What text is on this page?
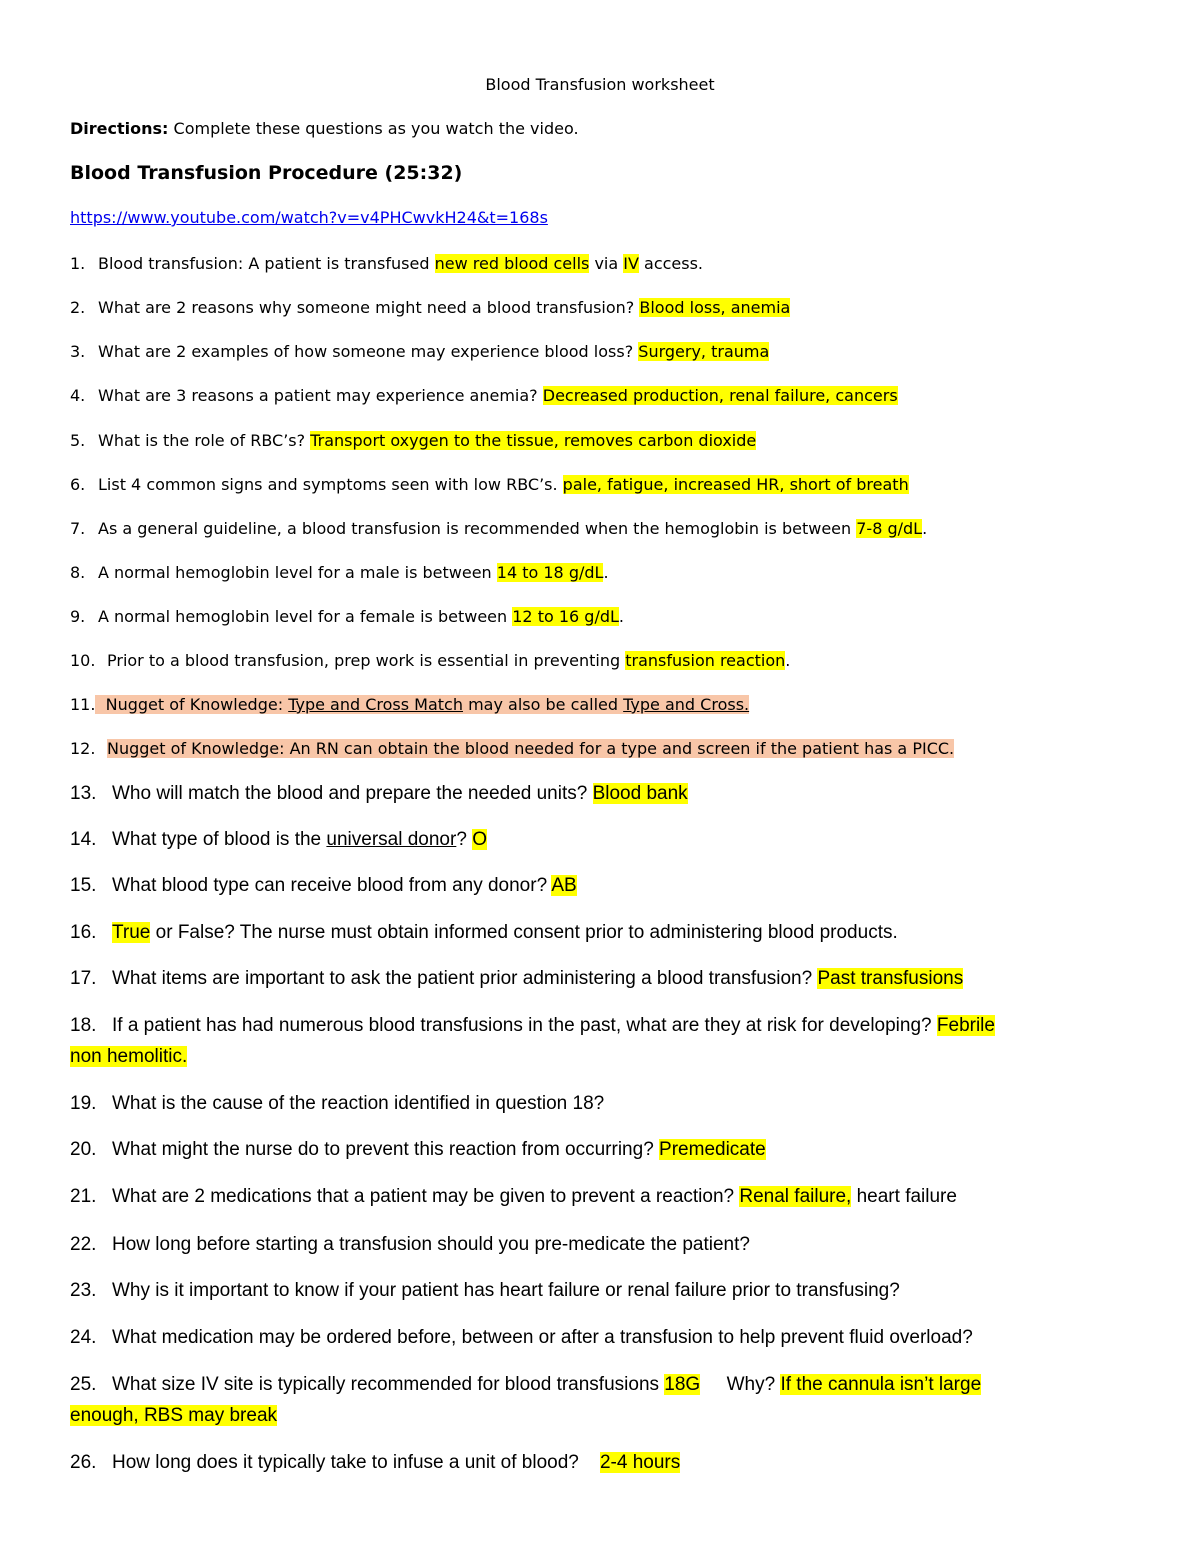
Blood Transfusion worksheet
Directions: Complete these questions as you watch the video.
Blood Transfusion Procedure (25:32)
https://www.youtube.com/watch?v=v4PHCwvkH24&t=168s
1. Blood transfusion: A patient is transfused new red blood cells via IV access.
2. What are 2 reasons why someone might need a blood transfusion? Blood loss, anemia
3. What are 2 examples of how someone may experience blood loss? Surgery, trauma
4. What are 3 reasons a patient may experience anemia? Decreased production, renal failure, cancers
5. What is the role of RBC’s? Transport oxygen to the tissue, removes carbon dioxide
6. List 4 common signs and symptoms seen with low RBC’s. pale, fatigue, increased HR, short of breath
7. As a general guideline, a blood transfusion is recommended when the hemoglobin is between 7-8 g/dL.
8. A normal hemoglobin level for a male is between 14 to 18 g/dL.
9. A normal hemoglobin level for a female is between 12 to 16 g/dL.
10. Prior to a blood transfusion, prep work is essential in preventing transfusion reaction.
11. Nugget of Knowledge: Type and Cross Match may also be called Type and Cross.
12. Nugget of Knowledge: An RN can obtain the blood needed for a type and screen if the patient has a PICC.
13. Who will match the blood and prepare the needed units? Blood bank
14. What type of blood is the universal donor? O
15. What blood type can receive blood from any donor? AB
16. True or False? The nurse must obtain informed consent prior to administering blood products.
17. What items are important to ask the patient prior administering a blood transfusion? Past transfusions
18. If a patient has had numerous blood transfusions in the past, what are they at risk for developing? Febrile
non hemolitic.
19. What is the cause of the reaction identified in question 18?
20. What might the nurse do to prevent this reaction from occurring? Premedicate
21. What are 2 medications that a patient may be given to prevent a reaction? Renal failure, heart failure
22. How long before starting a transfusion should you pre-medicate the patient?
23. Why is it important to know if your patient has heart failure or renal failure prior to transfusing?
24. What medication may be ordered before, between or after a transfusion to help prevent fluid overload?
25. What size IV site is typically recommended for blood transfusions 18G     Why? If the cannula isn’t large
enough, RBS may break
26. How long does it typically take to infuse a unit of blood?    2-4 hours
